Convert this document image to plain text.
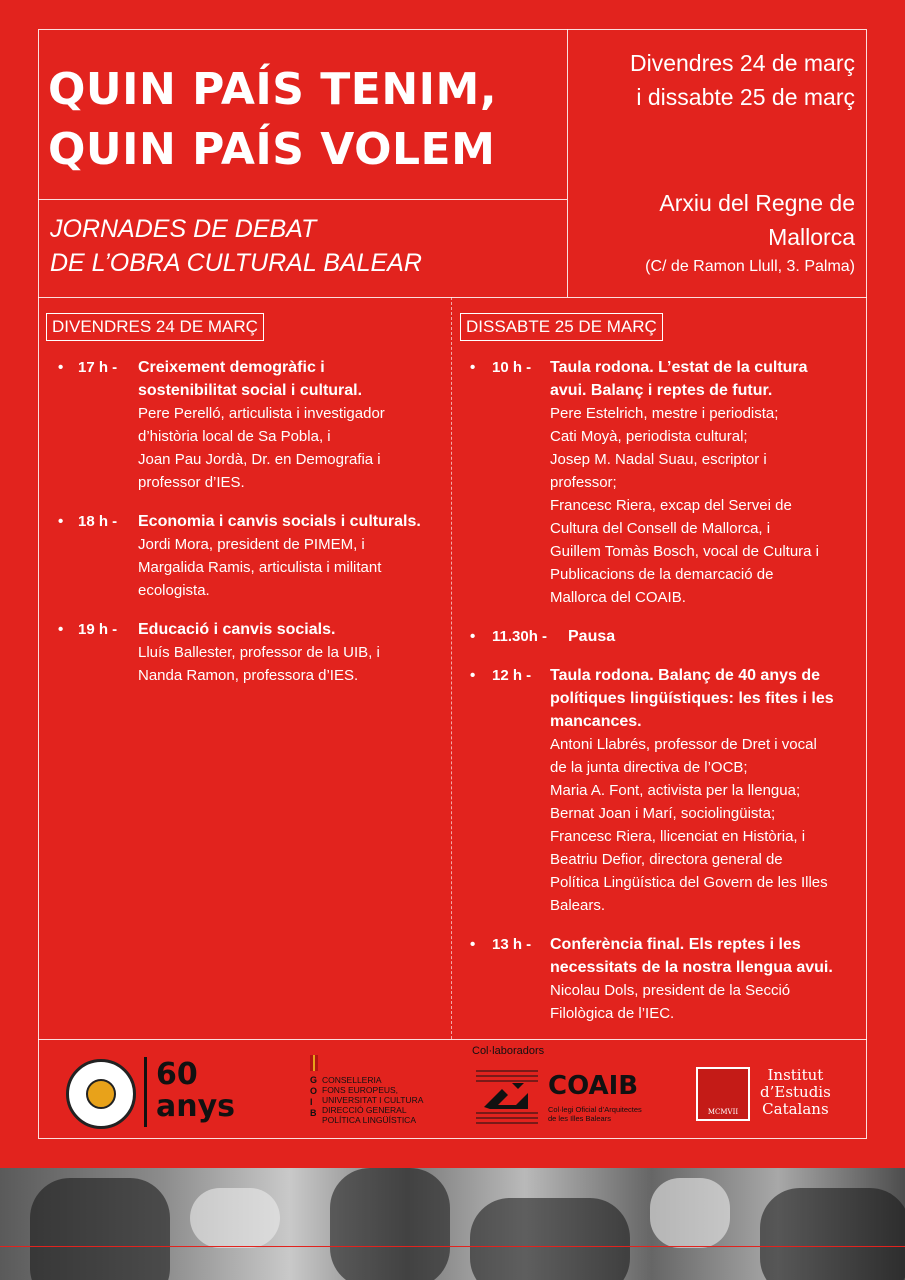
QUIN PAÍS TENIM,
QUIN PAÍS VOLEM
JORNADES DE DEBAT
DE L’OBRA CULTURAL BALEAR
Divendres 24 de març
i dissabte 25 de març
Arxiu del Regne de
Mallorca
(C/ de Ramon Llull, 3. Palma)
DIVENDRES 24 DE MARÇ	DISSABTE 25 DE MARÇ
• 17 h - Creixement demogràfic i
sostenibilitat social i cultural.
Pere Perelló, articulista i investigador
d’història local de Sa Pobla, i
Joan Pau Jordà, Dr. en Demografia i
professor d’IES.
• 18 h - Economia i canvis socials i culturals.
Jordi Mora, president de PIMEM, i
Margalida Ramis, articulista i militant
ecologista.
• 19 h - Educació i canvis socials.
Lluís Ballester, professor de la UIB, i
Nanda Ramon, professora d’IES.
• 10 h - Taula rodona. L’estat de la cultura
avui. Balanç i reptes de futur.
Pere Estelrich, mestre i periodista;
Cati Moyà, periodista cultural;
Josep M. Nadal Suau, escriptor i
professor;
Francesc Riera, excap del Servei de
Cultura del Consell de Mallorca, i
Guillem Tomàs Bosch, vocal de Cultura i
Publicacions de la demarcació de
Mallorca del COAIB.
• 11.30h - Pausa
• 12 h - Taula rodona. Balanç de 40 anys de
polítiques lingüístiques: les fites i les
mancances.
Antoni Llabrés, professor de Dret i vocal
de la junta directiva de l’OCB;
Maria A. Font, activista per la llengua;
Bernat Joan i Marí, sociolingüista;
Francesc Riera, llicenciat en Història, i
Beatriu Defior, directora general de
Política Lingüística del Govern de les Illes
Balears.
• 13 h - Conferència final. Els reptes i les
necessitats de la nostra llengua avui.
Nicolau Dols, president de la Secció
Filològica de l’IEC.
60
anys
G
O
I
B
CONSELLERIA
FONS EUROPEUS,
UNIVERSITAT I CULTURA
DIRECCIÓ GENERAL
POLÍTICA LINGÜÍSTICA
Col·laboradors
COAIB
Col·legi Oficial d’Arquitectes
de les Illes Balears
MCMVII
Institut
d’Estudis
Catalans
